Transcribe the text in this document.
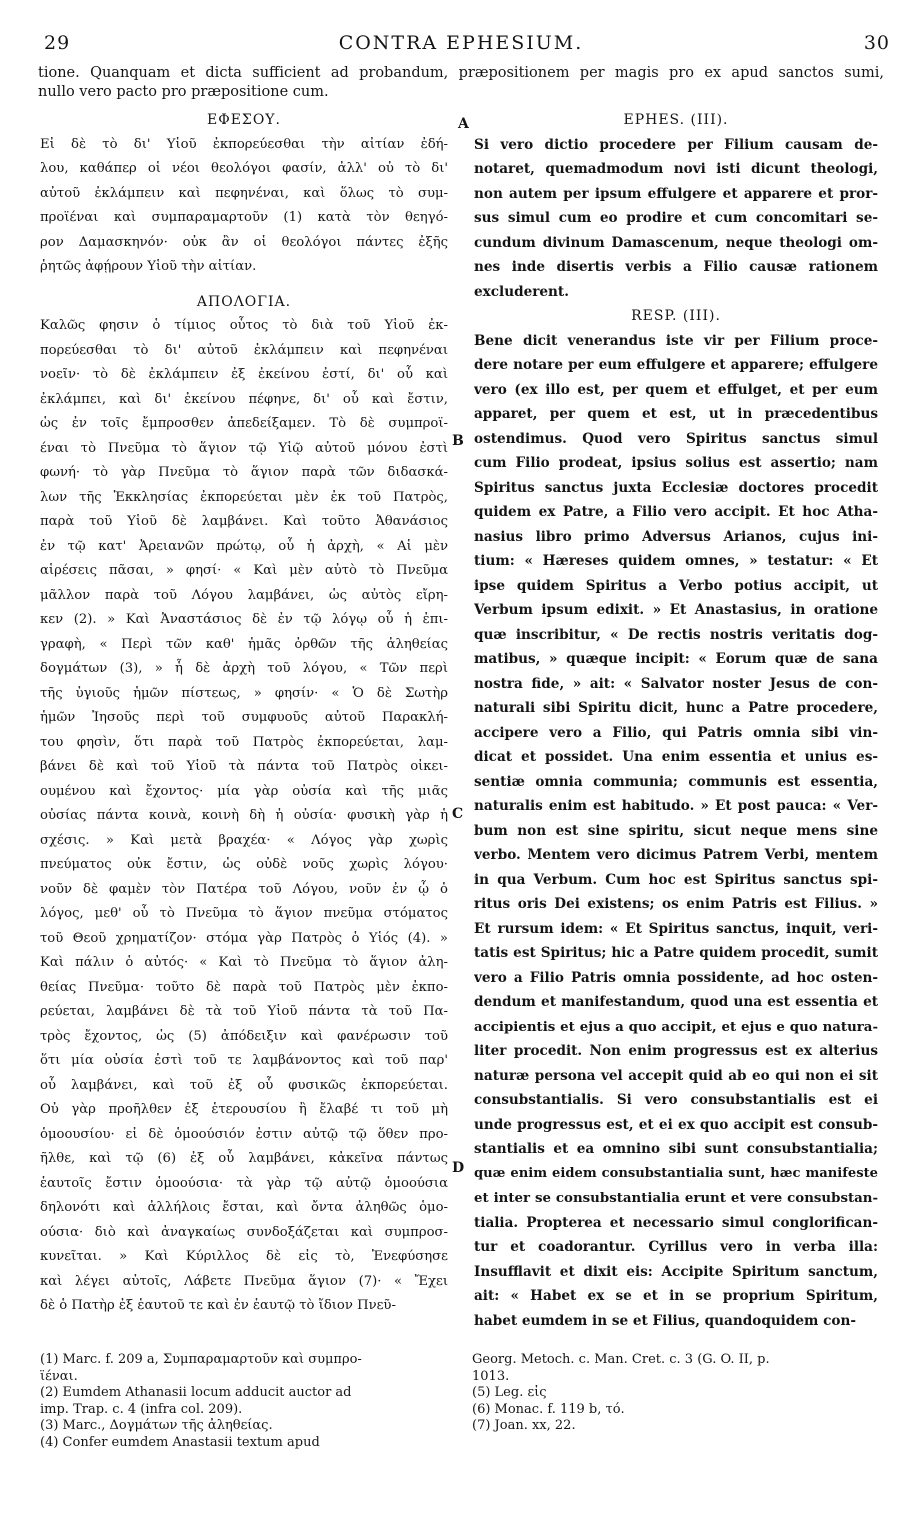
29	CONTRA EPHESIUM.	30
tione. Quanquam et dicta sufficient ad probandum, præpositionem per magis pro ex apud sanctos sumi,
nullo vero pacto pro præpositione cum.
ΕΦΕΣΟΥ.
Εἰ δὲ τὸ δι' Υἱοῦ ἐκπορεύεσθαι τὴν αἰτίαν ἐδή-
λου, καθάπερ οἱ νέοι θεολόγοι φασίν, ἀλλ' οὐ τὸ δι'
αὐτοῦ ἐκλάμπειν καὶ πεφηνέναι, καὶ ὅλως τὸ συμ-
προϊέναι καὶ συμπαραμαρτοῦν (1) κατὰ τὸν θεηγό-
ρον Δαμασκηνόν· οὐκ ἂν οἱ θεολόγοι πάντες ἐξῆς
ῥητῶς ἀφῄρουν Υἱοῦ τὴν αἰτίαν.
ΑΠΟΛΟΓΙΑ.
Καλῶς φησιν ὁ τίμιος οὗτος τὸ διὰ τοῦ Υἱοῦ ἐκ-
πορεύεσθαι τὸ δι' αὐτοῦ ἐκλάμπειν καὶ πεφηνέναι
νοεῖν· τὸ δὲ ἐκλάμπειν ἐξ ἐκείνου ἐστί, δι' οὗ καὶ
ἐκλάμπει, καὶ δι' ἐκείνου πέφηνε, δι' οὗ καὶ ἔστιν,
ὡς ἐν τοῖς ἔμπροσθεν ἀπεδείξαμεν. Τὸ δὲ συμπροϊ-
έναι τὸ Πνεῦμα τὸ ἅγιον τῷ Υἱῷ αὐτοῦ μόνου ἐστὶ
φωνή· τὸ γὰρ Πνεῦμα τὸ ἅγιον παρὰ τῶν διδασκά-
λων τῆς Ἐκκλησίας ἐκπορεύεται μὲν ἐκ τοῦ Πατρὸς,
παρὰ τοῦ Υἱοῦ δὲ λαμβάνει. Καὶ τοῦτο Ἀθανάσιος
ἐν τῷ κατ' Ἀρειανῶν πρώτῳ, οὗ ἡ ἀρχὴ, « Αἱ μὲν
αἱρέσεις πᾶσαι, » φησί· « Καὶ μὲν αὐτὸ τὸ Πνεῦμα
μᾶλλον παρὰ τοῦ Λόγου λαμβάνει, ὡς αὐτὸς εἴρη-
κεν (2). » Καὶ Ἀναστάσιος δὲ ἐν τῷ λόγῳ οὗ ἡ ἐπι-
γραφὴ, « Περὶ τῶν καθ' ἡμᾶς ὀρθῶν τῆς ἀληθείας
δογμάτων (3), » ἧ δὲ ἀρχὴ τοῦ λόγου, « Τῶν περὶ
τῆς ὑγιοῦς ἡμῶν πίστεως, » φησίν· « Ὁ δὲ Σωτὴρ
ἡμῶν Ἰησοῦς περὶ τοῦ συμφυοῦς αὐτοῦ Παρακλή-
του φησὶν, ὅτι παρὰ τοῦ Πατρὸς ἐκπορεύεται, λαμ-
βάνει δὲ καὶ τοῦ Υἱοῦ τὰ πάντα τοῦ Πατρὸς οἰκει-
ουμένου καὶ ἔχοντος· μία γὰρ οὐσία καὶ τῆς μιᾶς
οὐσίας πάντα κοινὰ, κοινὴ δὴ ἡ οὐσία· φυσικὴ γὰρ ἡ
σχέσις. » Καὶ μετὰ βραχέα· « Λόγος γὰρ χωρὶς
πνεύματος οὐκ ἔστιν, ὡς οὐδὲ νοῦς χωρὶς λόγου·
νοῦν δὲ φαμὲν τὸν Πατέρα τοῦ Λόγου, νοῦν ἐν ᾧ ὁ
λόγος, μεθ' οὗ τὸ Πνεῦμα τὸ ἅγιον πνεῦμα στόματος
τοῦ Θεοῦ χρηματίζον· στόμα γὰρ Πατρὸς ὁ Υἱός (4). »
Καὶ πάλιν ὁ αὐτός· « Καὶ τὸ Πνεῦμα τὸ ἅγιον ἀλη-
θείας Πνεῦμα· τοῦτο δὲ παρὰ τοῦ Πατρὸς μὲν ἐκπο-
ρεύεται, λαμβάνει δὲ τὰ τοῦ Υἱοῦ πάντα τὰ τοῦ Πα-
τρὸς ἔχοντος, ὡς (5) ἀπόδειξιν καὶ φανέρωσιν τοῦ
ὅτι μία οὐσία ἐστὶ τοῦ τε λαμβάνοντος καὶ τοῦ παρ'
οὗ λαμβάνει, καὶ τοῦ ἐξ οὗ φυσικῶς ἐκπορεύεται.
Οὐ γὰρ προῆλθεν ἐξ ἑτερουσίου ἢ ἔλαβέ τι τοῦ μὴ
ὁμοουσίου· εἰ δὲ ὁμοούσιόν ἐστιν αὐτῷ τῷ ὅθεν προ-
ῆλθε, καὶ τῷ (6) ἐξ οὗ λαμβάνει, κἀκεῖνα πάντως
ἑαυτοῖς ἔστιν ὁμοούσια· τὰ γὰρ τῷ αὐτῷ ὁμοούσια
δηλονότι καὶ ἀλλήλοις ἔσται, καὶ ὄντα ἀληθῶς ὁμο-
ούσια· διὸ καὶ ἀναγκαίως συνδοξάζεται καὶ συμπροσ-
κυνεῖται. » Καὶ Κύριλλος δὲ εἰς τὸ, Ἐνεφύσησε
καὶ λέγει αὐτοῖς, Λάβετε Πνεῦμα ἅγιον (7)· « Ἔχει
δὲ ὁ Πατὴρ ἐξ ἑαυτοῦ τε καὶ ἐν ἑαυτῷ τὸ ἴδιον Πνεῦ-
EPHES. (III).
Si vero dictio procedere per Filium causam de-
notaret, quemadmodum novi isti dicunt theologi,
non autem per ipsum effulgere et apparere et pror-
sus simul cum eo prodire et cum concomitari se-
cundum divinum Damascenum, neque theologi om-
nes inde disertis verbis a Filio causæ rationem
excluderent.
RESP. (III).
Bene dicit venerandus iste vir per Filium proce-
dere notare per eum effulgere et apparere; effulgere
vero (ex illo est, per quem et effulget, et per eum
apparet, per quem et est, ut in præcedentibus
ostendimus. Quod vero Spiritus sanctus simul
cum Filio prodeat, ipsius solius est assertio; nam
Spiritus sanctus juxta Ecclesiæ doctores procedit
quidem ex Patre, a Filio vero accipit. Et hoc Atha-
nasius libro primo Adversus Arianos, cujus ini-
tium: « Hæreses quidem omnes, » testatur: « Et
ipse quidem Spiritus a Verbo potius accipit, ut
Verbum ipsum edixit. » Et Anastasius, in oratione
quæ inscribitur, « De rectis nostris veritatis dog-
matibus, » quæque incipit: « Eorum quæ de sana
nostra fide, » ait: « Salvator noster Jesus de con-
naturali sibi Spiritu dicit, hunc a Patre procedere,
accipere vero a Filio, qui Patris omnia sibi vin-
dicat et possidet. Una enim essentia et unius es-
sentiæ omnia communia; communis est essentia,
naturalis enim est habitudo. » Et post pauca: « Ver-
bum non est sine spiritu, sicut neque mens sine
verbo. Mentem vero dicimus Patrem Verbi, mentem
in qua Verbum. Cum hoc est Spiritus sanctus spi-
ritus oris Dei existens; os enim Patris est Filius. »
Et rursum idem: « Et Spiritus sanctus, inquit, veri-
tatis est Spiritus; hic a Patre quidem procedit, sumit
vero a Filio Patris omnia possidente, ad hoc osten-
dendum et manifestandum, quod una est essentia et
accipientis et ejus a quo accipit, et ejus e quo natura-
liter procedit. Non enim progressus est ex alterius
naturæ persona vel accepit quid ab eo qui non ei sit
consubstantialis. Si vero consubstantialis est ei
unde progressus est, et ei ex quo accipit est consub-
stantialis et ea omnino sibi sunt consubstantialia;
quæ enim eidem consubstantialia sunt, hæc manifeste
et inter se consubstantialia erunt et vere consubstan-
tialia. Propterea et necessario simul conglorifican-
tur et coadorantur. Cyrillus vero in verba illa:
Insufflavit et dixit eis: Accipite Spiritum sanctum,
ait: « Habet ex se et in se proprium Spiritum,
habet eumdem in se et Filius, quandoquidem con-
A
B
C
D
(1) Marc. f. 209 a, Συμπαραμαρτοῦν καὶ συμπρο-
ϊέναι.
(2) Eumdem Athanasii locum adducit auctor ad
imp. Trap. c. 4 (infra col. 209).
(3) Marc., Δογμάτων τῆς ἀληθείας.
(4) Confer eumdem Anastasii textum apud
Georg. Metoch. c. Man. Cret. c. 3 (G. O. II, p.
1013.
(5) Leg. εἰς
(6) Monac. f. 119 b, τό.
(7) Joan. xx, 22.
